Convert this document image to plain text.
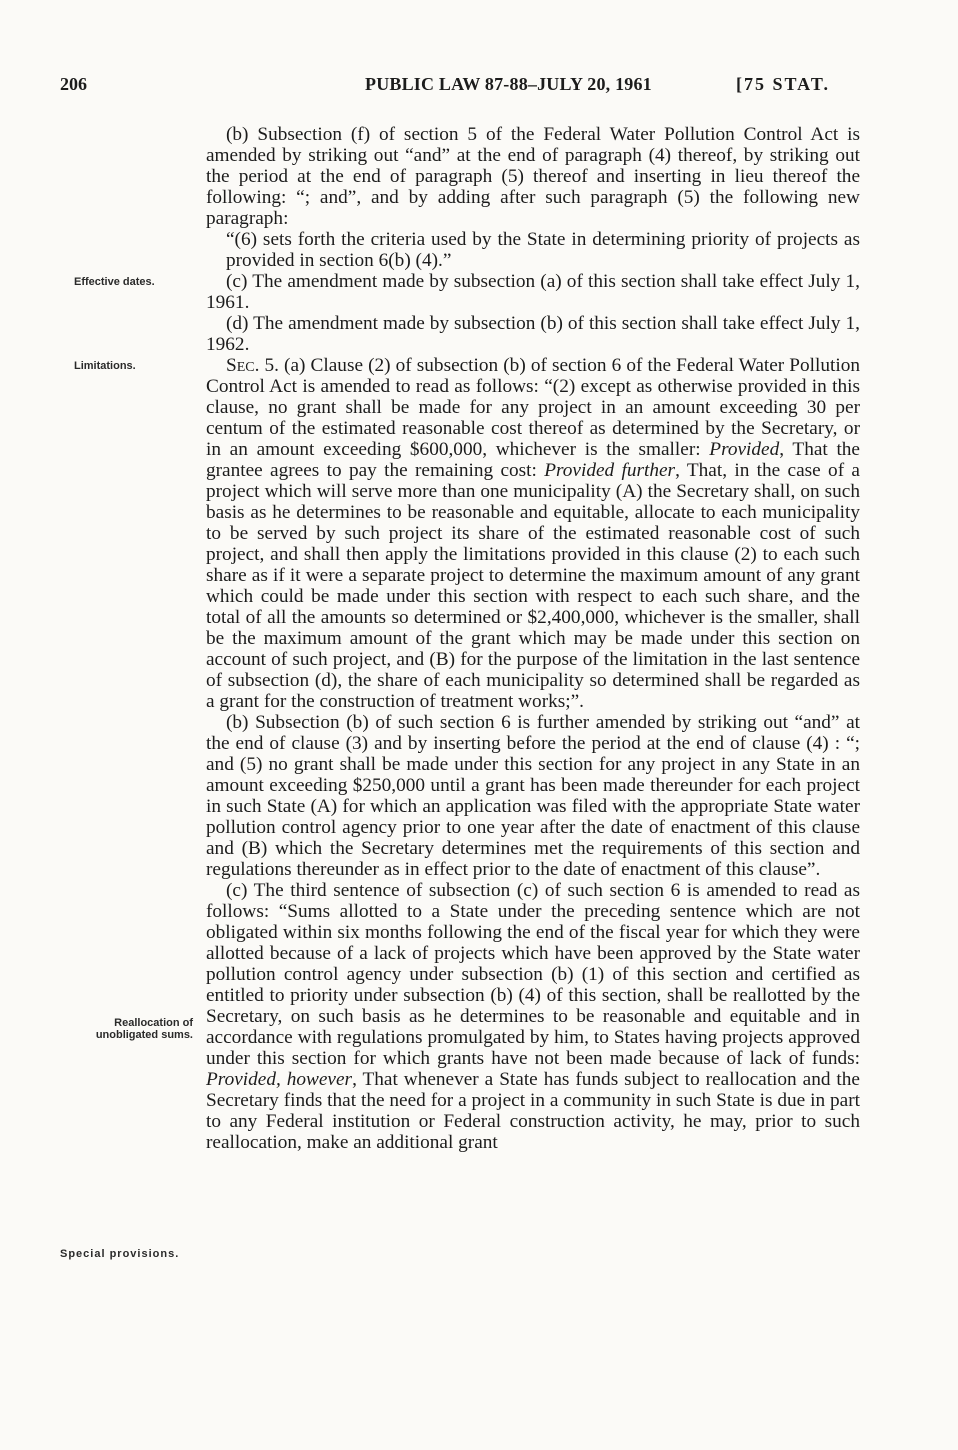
206	PUBLIC LAW 87-88–JULY 20, 1961	[75 STAT.
Effective dates.
Limitations.
Reallocation of unobligated sums.
Special provisions.

(b) Subsection (f) of section 5 of the Federal Water Pollution Control Act is amended by striking out “and” at the end of paragraph (4) thereof, by striking out the period at the end of paragraph (5) thereof and inserting in lieu thereof the following: “; and”, and by adding after such paragraph (5) the following new paragraph:

“(6) sets forth the criteria used by the State in determining priority of projects as provided in section 6(b) (4).”

(c) The amendment made by subsection (a) of this section shall take effect July 1, 1961.

(d) The amendment made by subsection (b) of this section shall take effect July 1, 1962.

Sec. 5. (a) Clause (2) of subsection (b) of section 6 of the Federal Water Pollution Control Act is amended to read as follows: “(2) except as otherwise provided in this clause, no grant shall be made for any project in an amount exceeding 30 per centum of the estimated reasonable cost thereof as determined by the Secretary, or in an amount exceeding $600,000, whichever is the smaller: Provided, That the grantee agrees to pay the remaining cost: Provided further, That, in the case of a project which will serve more than one municipality (A) the Secretary shall, on such basis as he determines to be reasonable and equitable, allocate to each municipality to be served by such project its share of the estimated reasonable cost of such project, and shall then apply the limitations provided in this clause (2) to each such share as if it were a separate project to determine the maximum amount of any grant which could be made under this section with respect to each such share, and the total of all the amounts so determined or $2,400,000, whichever is the smaller, shall be the maximum amount of the grant which may be made under this section on account of such project, and (B) for the purpose of the limitation in the last sentence of subsection (d), the share of each municipality so determined shall be regarded as a grant for the construction of treatment works;”.

(b) Subsection (b) of such section 6 is further amended by striking out “and” at the end of clause (3) and by inserting before the period at the end of clause (4) : “; and (5) no grant shall be made under this section for any project in any State in an amount exceeding $250,000 until a grant has been made thereunder for each project in such State (A) for which an application was filed with the appropriate State water pollution control agency prior to one year after the date of enactment of this clause and (B) which the Secretary determines met the requirements of this section and regulations thereunder as in effect prior to the date of enactment of this clause”.

(c) The third sentence of subsection (c) of such section 6 is amended to read as follows: “Sums allotted to a State under the preceding sentence which are not obligated within six months following the end of the fiscal year for which they were allotted because of a lack of projects which have been approved by the State water pollution control agency under subsection (b) (1) of this section and certified as entitled to priority under subsection (b) (4) of this section, shall be reallotted by the Secretary, on such basis as he determines to be reasonable and equitable and in accordance with regulations promulgated by him, to States having projects approved under this section for which grants have not been made because of lack of funds: Provided, however, That whenever a State has funds subject to reallocation and the Secretary finds that the need for a project in a community in such State is due in part to any Federal institution or Federal construction activity, he may, prior to such reallocation, make an additional grant
